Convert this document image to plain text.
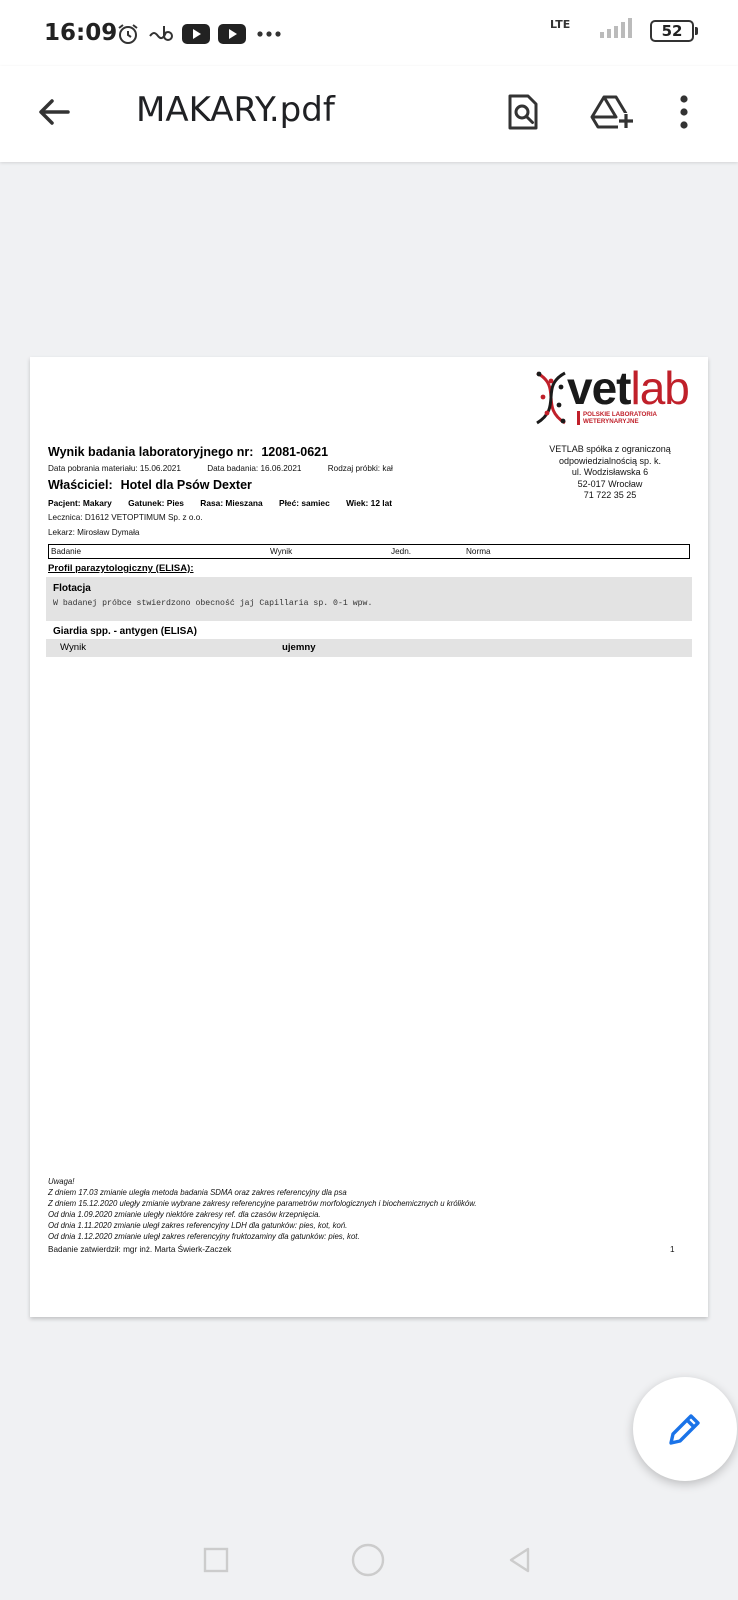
16:09	LTE	52
MAKARY.pdf
vetlab
POLSKIE LABORATORIA
WETERYNARYJNE
VETLAB spółka z ograniczoną
odpowiedzialnością sp. k.
ul. Wodzisławska 6
52-017 Wrocław
71 722 35 25
Wynik badania laboratoryjnego nr: 12081-0621
Data pobrania materiału: 15.06.2021	Data badania: 16.06.2021	Rodzaj próbki: kał
Właściciel: Hotel dla Psów Dexter
Pacjent: Makary Gatunek: Pies Rasa: Mieszana Płeć: samiec Wiek: 12 lat
Lecznica: D1612 VETOPTIMUM Sp. z o.o.
Lekarz: Mirosław Dymała
Badanie	Wynik	Jedn.	Norma
Profil parazytologiczny (ELISA):
Flotacja
W badanej próbce stwierdzono obecność jaj Capillaria sp. 0-1 wpw.
Giardia spp. - antygen (ELISA)
Wynik	ujemny
Uwaga!
Z dniem 17.03 zmianie uległa metoda badania SDMA oraz zakres referencyjny dla psa
Z dniem 15.12.2020 uległy zmianie wybrane zakresy referencyjne parametrów morfologicznych i biochemicznych u królików.
Od dnia 1.09.2020 zmianie uległy niektóre zakresy ref. dla czasów krzepnięcia.
Od dnia 1.11.2020 zmianie uległ zakres referencyjny LDH dla gatunków: pies, kot, koń.
Od dnia 1.12.2020 zmianie uległ zakres referencyjny fruktozaminy dla gatunków: pies, kot.
Badanie zatwierdził: mgr inż. Marta Świerk-Zaczek	1
